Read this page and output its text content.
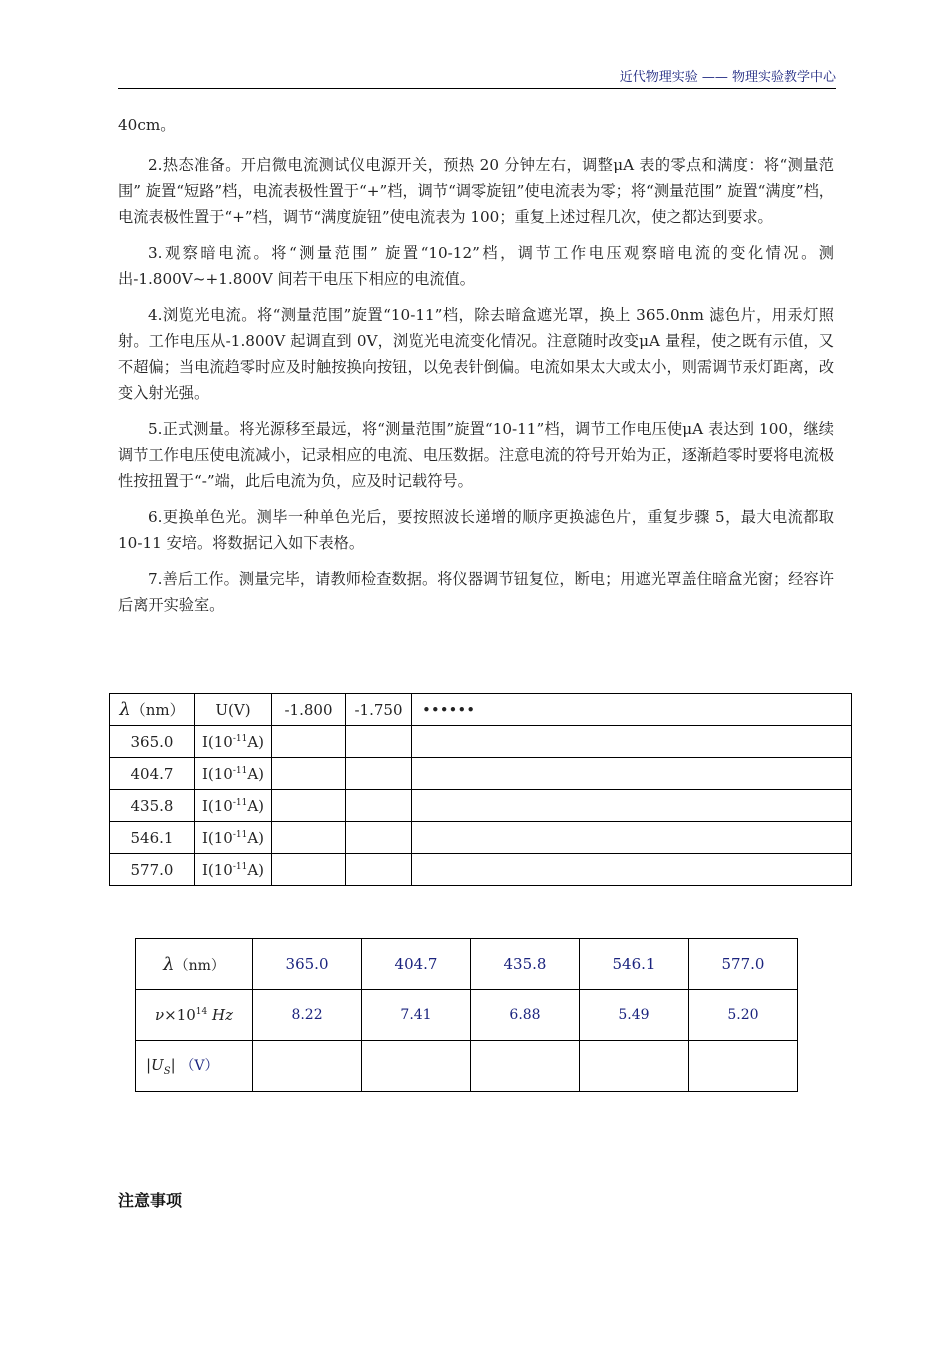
近代物理实验 —— 物理实验教学中心

40cm。

2.热态准备。开启微电流测试仪电源开关，预热 20 分钟左右，调整μA 表的零点和满度：将“测量范围” 旋置“短路”档，电流表极性置于“+”档，调节“调零旋钮”使电流表为零；将“测量范围” 旋置“满度”档，电流表极性置于“+”档，调节“满度旋钮”使电流表为 100；重复上述过程几次，使之都达到要求。

3.观察暗电流。将“测量范围” 旋置“10-12”档，调节工作电压观察暗电流的变化情况。测出-1.800V~+1.800V 间若干电压下相应的电流值。

4.浏览光电流。将“测量范围”旋置“10-11”档，除去暗盒遮光罩，换上 365.0nm 滤色片，用汞灯照射。工作电压从-1.800V 起调直到 0V，浏览光电流变化情况。注意随时改变μA 量程，使之既有示值，又不超偏；当电流趋零时应及时触按换向按钮，以免表针倒偏。电流如果太大或太小，则需调节汞灯距离，改变入射光强。

5.正式测量。将光源移至最远，将“测量范围”旋置“10-11”档，调节工作电压使μA 表达到 100，继续调节工作电压使电流减小，记录相应的电流、电压数据。注意电流的符号开始为正，逐渐趋零时要将电流极性按扭置于“-”端，此后电流为负，应及时记载符号。

6.更换单色光。测毕一种单色光后，要按照波长递增的顺序更换滤色片，重复步骤 5，最大电流都取 10-11 安培。将数据记入如下表格。

7.善后工作。测量完毕，请教师检查数据。将仪器调节钮复位，断电；用遮光罩盖住暗盒光窗；经容许后离开实验室。

λ（nm）	U(V)	-1.800	-1.750	••••••
365.0	$I(10^{-11}A)$			
404.7	$I(10^{-11}A)$			
435.8	$I(10^{-11}A)$			
546.1	$I(10^{-11}A)$			
577.0	$I(10^{-11}A)$			
λ（nm）	365.0	404.7	435.8	546.1	577.0
$\nu\times 10^{14}$ Hz	8.22	7.41	6.88	5.49	5.20
$|U_S|$ （V）					
注意事项
